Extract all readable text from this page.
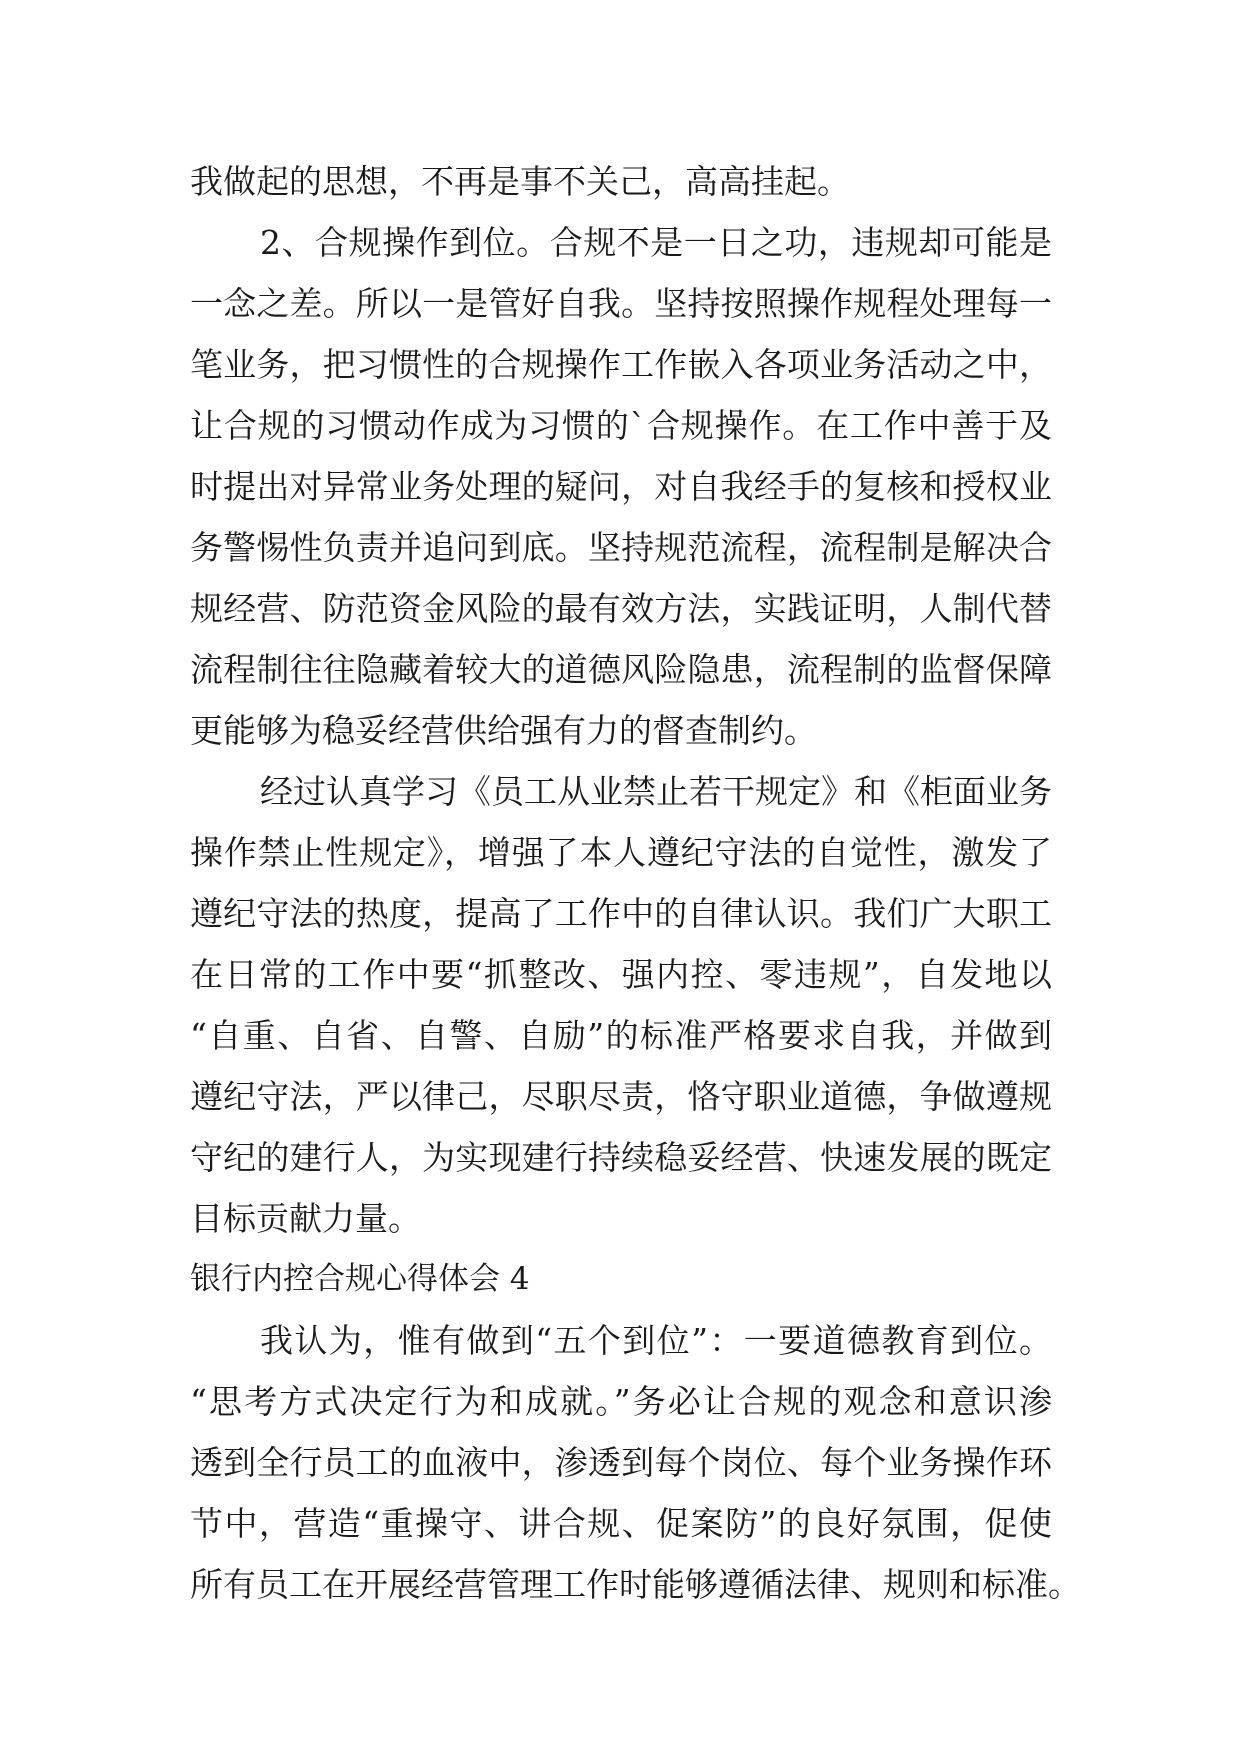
我做起的思想，不再是事不关己，高高挂起。
2、合规操作到位。合规不是一日之功，违规却可能是
一念之差。所以一是管好自我。坚持按照操作规程处理每一
笔业务，把习惯性的合规操作工作嵌入各项业务活动之中，
让合规的习惯动作成为习惯的`合规操作。在工作中善于及
时提出对异常业务处理的疑问，对自我经手的复核和授权业
务警惕性负责并追问到底。坚持规范流程，流程制是解决合
规经营、防范资金风险的最有效方法，实践证明，人制代替
流程制往往隐藏着较大的道德风险隐患，流程制的监督保障
更能够为稳妥经营供给强有力的督查制约。
经过认真学习《员工从业禁止若干规定》和《柜面业务
操作禁止性规定》，增强了本人遵纪守法的自觉性，激发了
遵纪守法的热度，提高了工作中的自律认识。我们广大职工
在日常的工作中要“抓整改、强内控、零违规”，自发地以
“自重、自省、自警、自励”的标准严格要求自我，并做到
遵纪守法，严以律己，尽职尽责，恪守职业道德，争做遵规
守纪的建行人，为实现建行持续稳妥经营、快速发展的既定
目标贡献力量。
银行内控合规心得体会 4
我认为，惟有做到“五个到位”：一要道德教育到位。
“思考方式决定行为和成就。”务必让合规的观念和意识渗
透到全行员工的血液中，渗透到每个岗位、每个业务操作环
节中，营造“重操守、讲合规、促案防”的良好氛围，促使
所有员工在开展经营管理工作时能够遵循法律、规则和标准。
